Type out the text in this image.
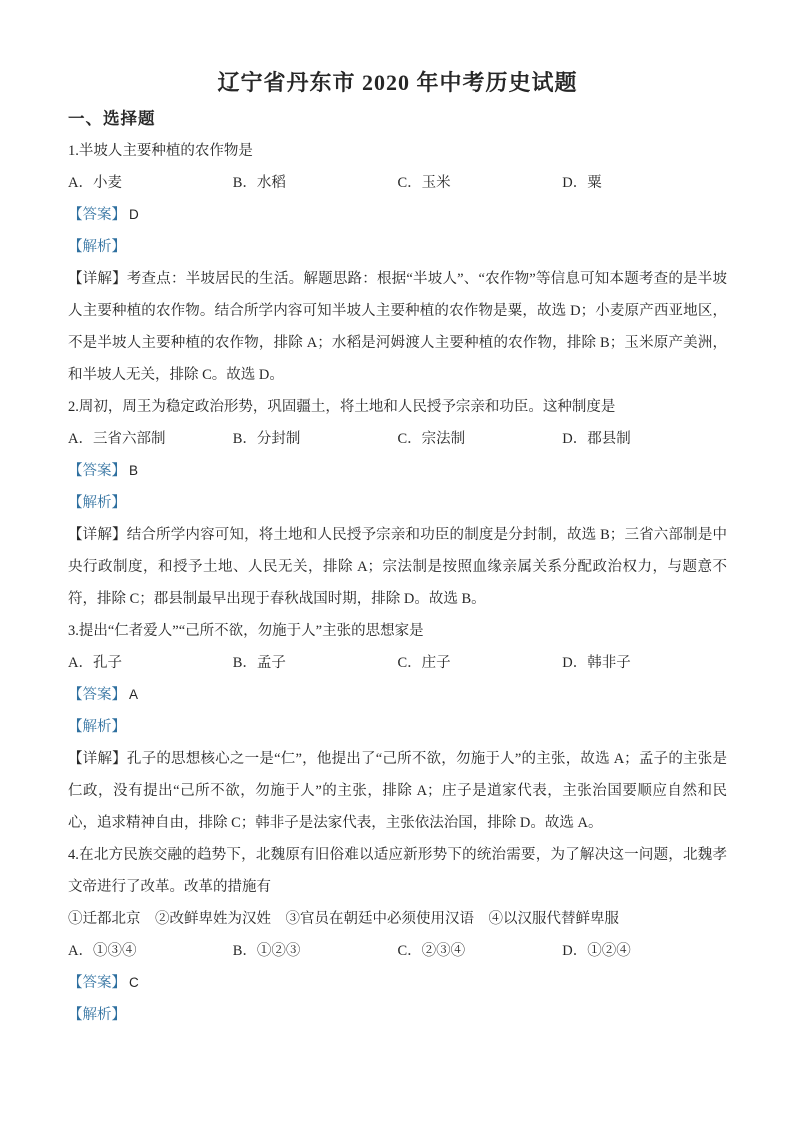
辽宁省丹东市 2020 年中考历史试题
一、选择题

1.半坡人主要种植的农作物是

A．小麦	B．水稻	C．玉米	D．粟

【答案】 D

【解析】

【详解】考查点：半坡居民的生活。解题思路：根据“半坡人”、“农作物”等信息可知本题考查的是半坡人主要种植的农作物。结合所学内容可知半坡人主要种植的农作物是粟，故选 D；小麦原产西亚地区，不是半坡人主要种植的农作物，排除 A；水稻是河姆渡人主要种植的农作物，排除 B；玉米原产美洲，和半坡人无关，排除 C。故选 D。

2.周初，周王为稳定政治形势，巩固疆土，将土地和人民授予宗亲和功臣。这种制度是

A．三省六部制	B．分封制	C．宗法制	D．郡县制

【答案】 B

【解析】

【详解】结合所学内容可知，将土地和人民授予宗亲和功臣的制度是分封制，故选 B；三省六部制是中央行政制度，和授予土地、人民无关，排除 A；宗法制是按照血缘亲属关系分配政治权力，与题意不符，排除 C；郡县制最早出现于春秋战国时期，排除 D。故选 B。

3.提出“仁者爱人”“己所不欲，勿施于人”主张的思想家是

A．孔子	B．孟子	C．庄子	D．韩非子

【答案】 A

【解析】

【详解】孔子的思想核心之一是“仁”，他提出了“己所不欲，勿施于人”的主张，故选 A；孟子的主张是仁政，没有提出“己所不欲，勿施于人”的主张，排除 A；庄子是道家代表，主张治国要顺应自然和民心，追求精神自由，排除 C；韩非子是法家代表，主张依法治国，排除 D。故选 A。

4.在北方民族交融的趋势下，北魏原有旧俗难以适应新形势下的统治需要，为了解决这一问题，北魏孝文帝进行了改革。改革的措施有

①迁都北京　②改鲜卑姓为汉姓　③官员在朝廷中必须使用汉语　④以汉服代替鲜卑服

A．①③④	B．①②③	C．②③④	D．①②④

【答案】 C

【解析】
